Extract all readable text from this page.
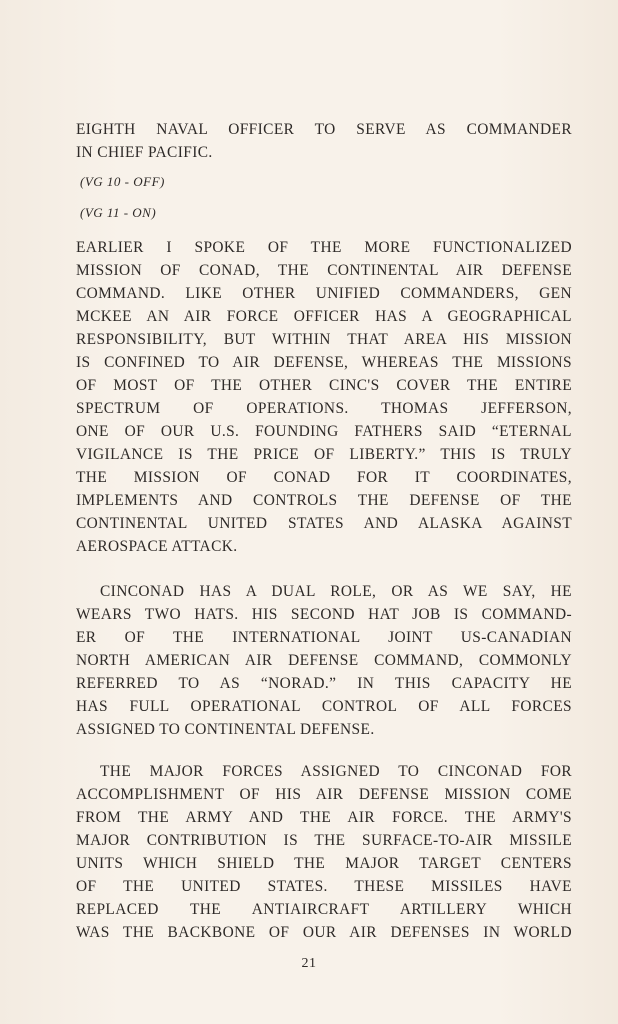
EIGHTH NAVAL OFFICER TO SERVE AS COMMANDER
IN CHIEF PACIFIC.
(VG 10 - OFF)
(VG 11 - ON)
EARLIER I SPOKE OF THE MORE FUNCTIONALIZED
MISSION OF CONAD, THE CONTINENTAL AIR DEFENSE
COMMAND. LIKE OTHER UNIFIED COMMANDERS, GEN
MCKEE AN AIR FORCE OFFICER HAS A GEOGRAPHICAL
RESPONSIBILITY, BUT WITHIN THAT AREA HIS MISSION
IS CONFINED TO AIR DEFENSE, WHEREAS THE MISSIONS
OF MOST OF THE OTHER CINC'S COVER THE ENTIRE
SPECTRUM OF OPERATIONS. THOMAS JEFFERSON,
ONE OF OUR U.S. FOUNDING FATHERS SAID “ETERNAL
VIGILANCE IS THE PRICE OF LIBERTY.” THIS IS TRULY
THE MISSION OF CONAD FOR IT COORDINATES,
IMPLEMENTS AND CONTROLS THE DEFENSE OF THE
CONTINENTAL UNITED STATES AND ALASKA AGAINST
AEROSPACE ATTACK.
CINCONAD HAS A DUAL ROLE, OR AS WE SAY, HE
WEARS TWO HATS. HIS SECOND HAT JOB IS COMMAND-
ER OF THE INTERNATIONAL JOINT US-CANADIAN
NORTH AMERICAN AIR DEFENSE COMMAND, COMMONLY
REFERRED TO AS “NORAD.” IN THIS CAPACITY HE
HAS FULL OPERATIONAL CONTROL OF ALL FORCES
ASSIGNED TO CONTINENTAL DEFENSE.
THE MAJOR FORCES ASSIGNED TO CINCONAD FOR
ACCOMPLISHMENT OF HIS AIR DEFENSE MISSION COME
FROM THE ARMY AND THE AIR FORCE. THE ARMY'S
MAJOR CONTRIBUTION IS THE SURFACE-TO-AIR MISSILE
UNITS WHICH SHIELD THE MAJOR TARGET CENTERS
OF THE UNITED STATES. THESE MISSILES HAVE
REPLACED THE ANTIAIRCRAFT ARTILLERY WHICH
WAS THE BACKBONE OF OUR AIR DEFENSES IN WORLD
21
